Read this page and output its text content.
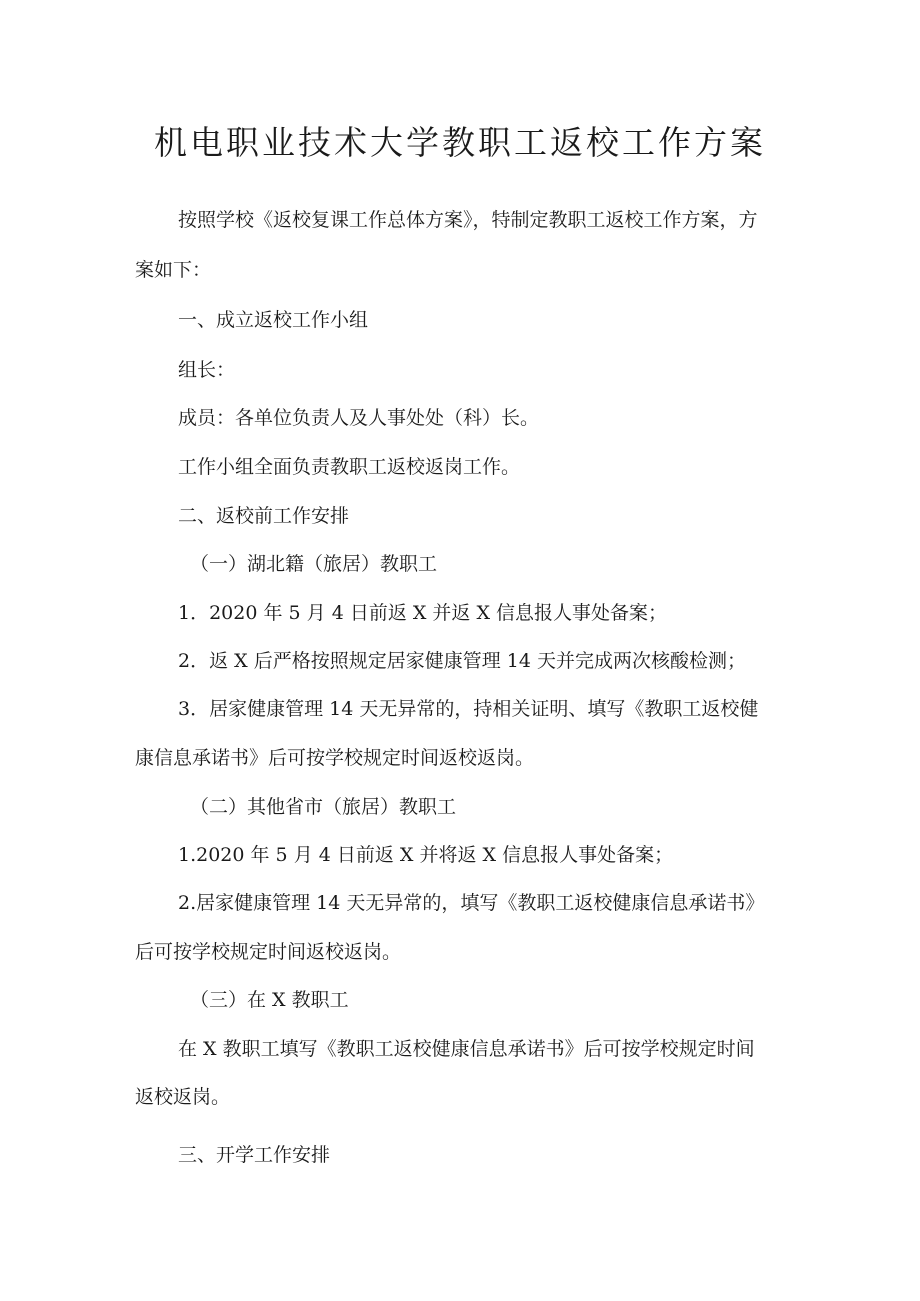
机电职业技术大学教职工返校工作方案
按照学校《返校复课工作总体方案》，特制定教职工返校工作方案，方
案如下：
一、成立返校工作小组
组长：
成员：各单位负责人及人事处处（科）长。
工作小组全面负责教职工返校返岗工作。
二、返校前工作安排
（一）湖北籍（旅居）教职工
1．2020 年 5 月 4 日前返 X 并返 X 信息报人事处备案；
2．返 X 后严格按照规定居家健康管理 14 天并完成两次核酸检测；
3．居家健康管理 14 天无异常的，持相关证明、填写《教职工返校健
康信息承诺书》后可按学校规定时间返校返岗。
（二）其他省市（旅居）教职工
1.2020 年 5 月 4 日前返 X 并将返 X 信息报人事处备案；
2.居家健康管理 14 天无异常的，填写《教职工返校健康信息承诺书》
后可按学校规定时间返校返岗。
（三）在 X 教职工
在 X 教职工填写《教职工返校健康信息承诺书》后可按学校规定时间
返校返岗。
三、开学工作安排
